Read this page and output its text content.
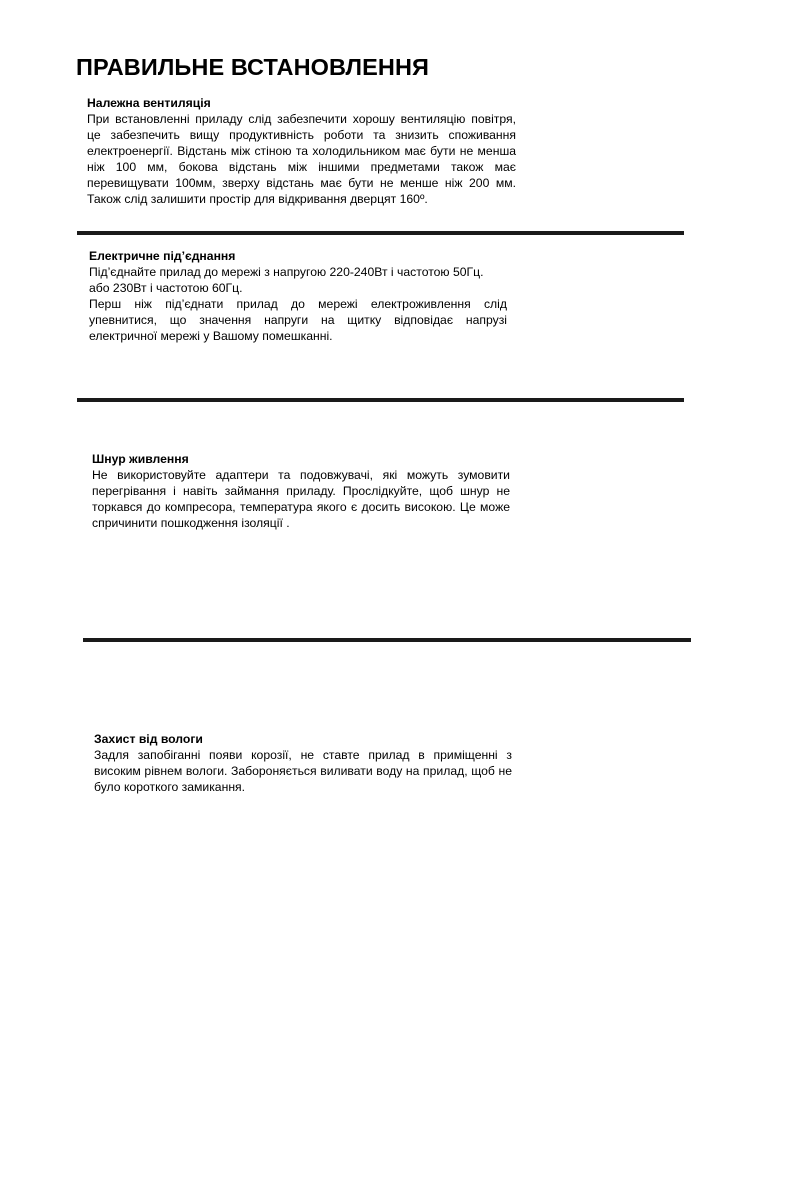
ПРАВИЛЬНЕ ВСТАНОВЛЕННЯ
Належна вентиляція

При встановленні приладу слід забезпечити хорошу вентиляцію повітря, це забезпечить вищу продуктивність роботи та знизить споживання електроенергії. Відстань між стіною та холодильником має бути не менша ніж 100 мм, бокова відстань між іншими предметами також має перевищувати 100мм, зверху відстань має бути не менше ніж 200 мм. Також слід залишити простір для відкривання дверцят 160º.

Електричне під’єднання

Під’єднайте прилад до мережі з напругою 220-240Вт і частотою 50Гц. або 230Вт і частотою 60Гц.

Перш ніж під’єднати прилад до мережі електроживлення слід упевнитися, що значення напруги на щитку відповідає напрузі електричної мережі у Вашому помешканні.

Шнур живлення

Не використовуйте адаптери та подовжувачі, які можуть зумовити перегрівання і навіть займання приладу. Прослідкуйте, щоб шнур не торкався до компресора, температура якого є досить високою. Це може спричинити пошкодження ізоляції .

Захист від вологи

Задля запобіганні появи корозії, не ставте прилад в приміщенні з високим рівнем вологи. Забороняється виливати воду на прилад, щоб не було короткого замикання.
